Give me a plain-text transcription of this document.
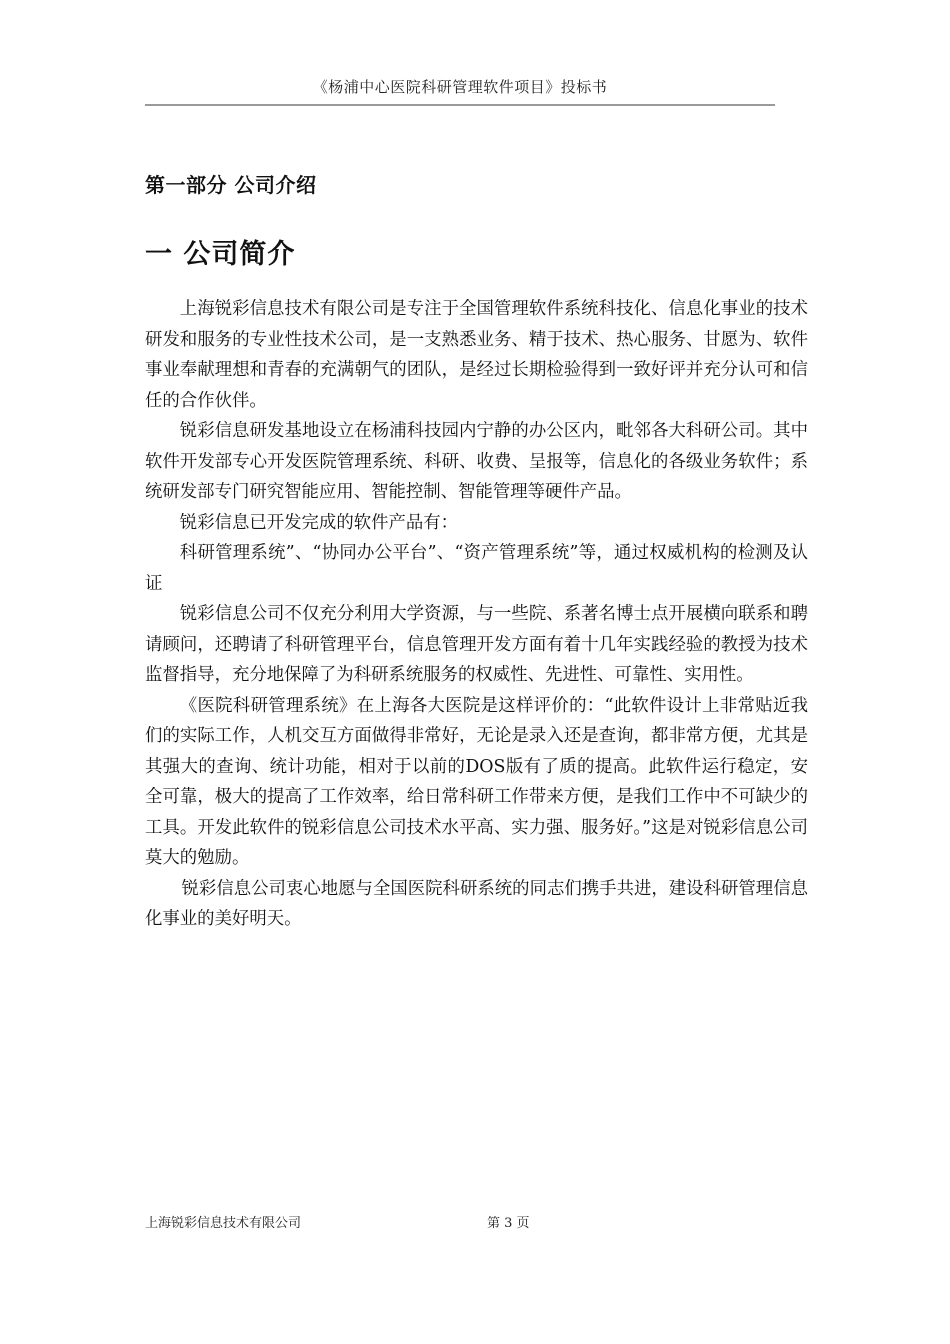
《杨浦中心医院科研管理软件项目》投标书
第一部分 公司介绍
一 公司简介

上海锐彩信息技术有限公司是专注于全国管理软件系统科技化、信息化事业的技术研发和服务的专业性技术公司，是一支熟悉业务、精于技术、热心服务、甘愿为、软件事业奉献理想和青春的充满朝气的团队，是经过长期检验得到一致好评并充分认可和信任的合作伙伴。

锐彩信息研发基地设立在杨浦科技园内宁静的办公区内，毗邻各大科研公司。其中软件开发部专心开发医院管理系统、科研、收费、呈报等，信息化的各级业务软件；系统研发部专门研究智能应用、智能控制、智能管理等硬件产品。

锐彩信息已开发完成的软件产品有：

科研管理系统”、“协同办公平台”、“资产管理系统”等，通过权威机构的检测及认证

锐彩信息公司不仅充分利用大学资源，与一些院、系著名博士点开展横向联系和聘请顾问，还聘请了科研管理平台，信息管理开发方面有着十几年实践经验的教授为技术监督指导，充分地保障了为科研系统服务的权威性、先进性、可靠性、实用性。

《医院科研管理系统》在上海各大医院是这样评价的：“此软件设计上非常贴近我们的实际工作，人机交互方面做得非常好，无论是录入还是查询，都非常方便，尤其是其强大的查询、统计功能，相对于以前的DOS版有了质的提高。此软件运行稳定，安全可靠，极大的提高了工作效率，给日常科研工作带来方便，是我们工作中不可缺少的工具。开发此软件的锐彩信息公司技术水平高、实力强、服务好。”这是对锐彩信息公司莫大的勉励。

锐彩信息公司衷心地愿与全国医院科研系统的同志们携手共进，建设科研管理信息化事业的美好明天。

上海锐彩信息技术有限公司	第 3 页
